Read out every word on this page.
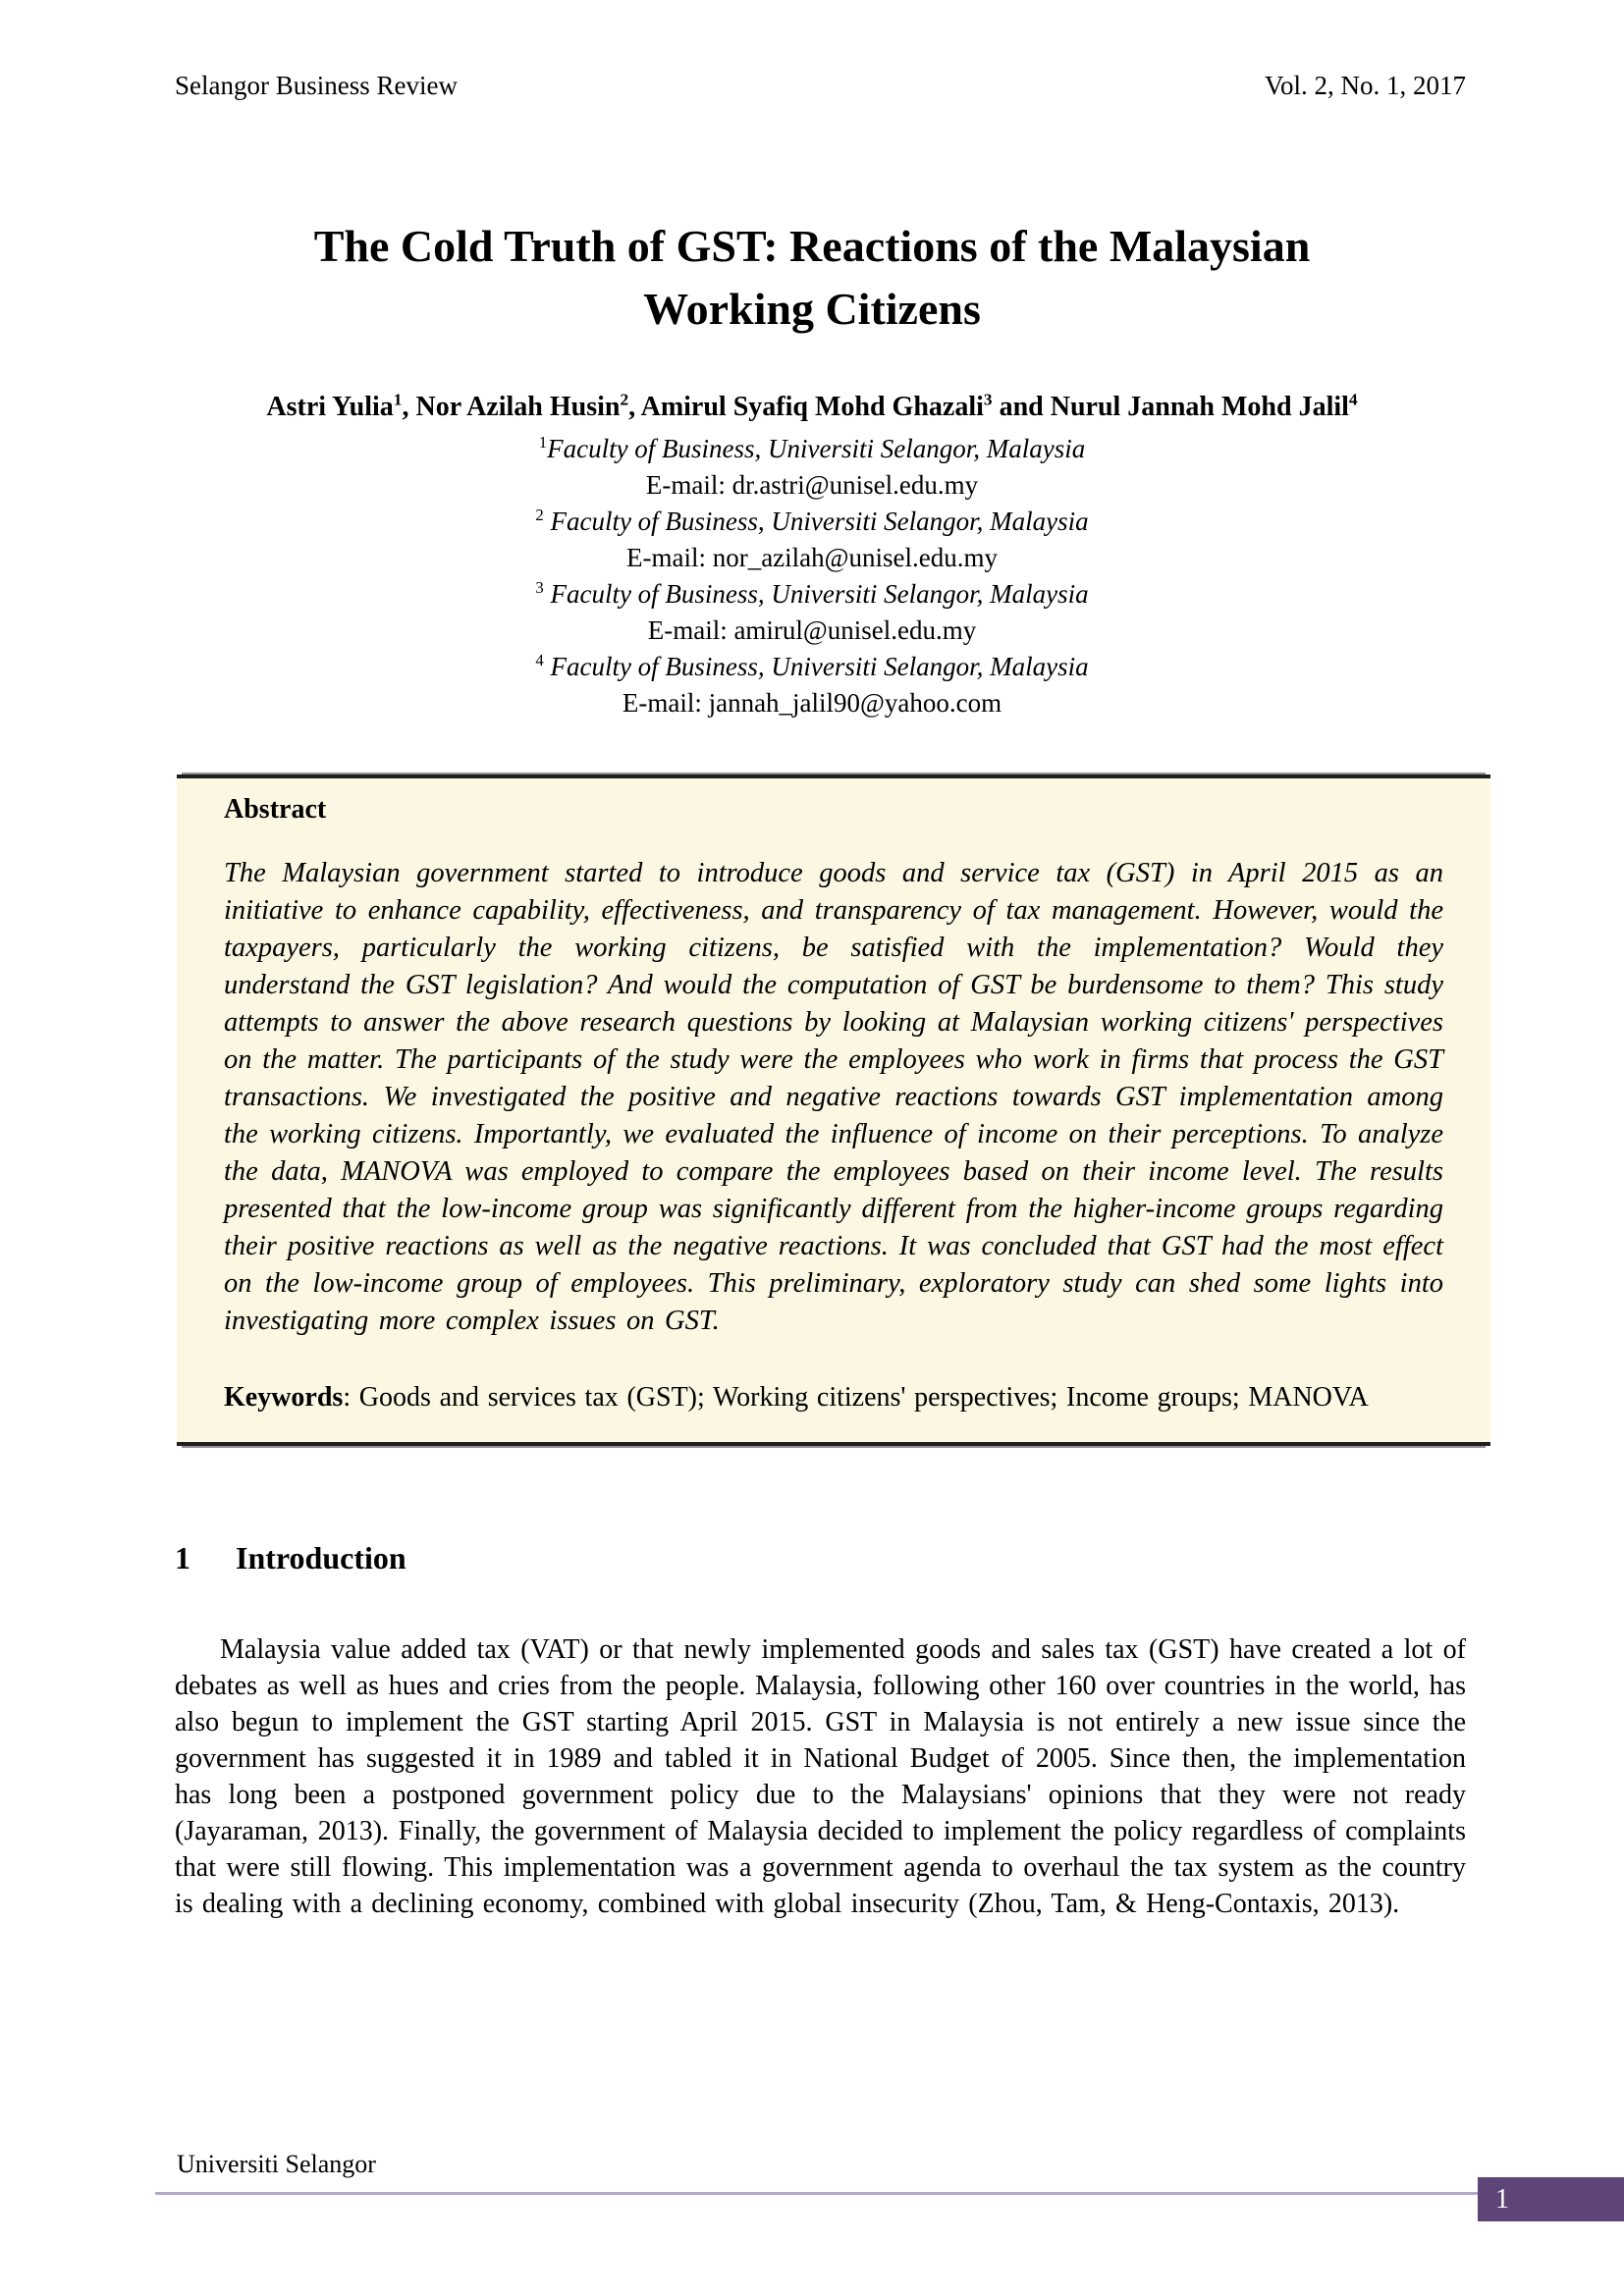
Selangor Business Review	Vol. 2, No. 1, 2017
The Cold Truth of GST: Reactions of the Malaysian Working Citizens
Astri Yulia$^1$, Nor Azilah Husin$^2$, Amirul Syafiq Mohd Ghazali$^3$ and Nurul Jannah Mohd Jalil$^4$
$^1$Faculty of Business, Universiti Selangor, Malaysia
E-mail: dr.astri@unisel.edu.my
$^2$ Faculty of Business, Universiti Selangor, Malaysia
E-mail: nor_azilah@unisel.edu.my
$^3$ Faculty of Business, Universiti Selangor, Malaysia
E-mail: amirul@unisel.edu.my
$^4$ Faculty of Business, Universiti Selangor, Malaysia
E-mail: jannah_jalil90@yahoo.com
Abstract

The Malaysian government started to introduce goods and service tax (GST) in April 2015 as an initiative to enhance capability, effectiveness, and transparency of tax management. However, would the taxpayers, particularly the working citizens, be satisfied with the implementation? Would they understand the GST legislation? And would the computation of GST be burdensome to them? This study attempts to answer the above research questions by looking at Malaysian working citizens' perspectives on the matter. The participants of the study were the employees who work in firms that process the GST transactions. We investigated the positive and negative reactions towards GST implementation among the working citizens. Importantly, we evaluated the influence of income on their perceptions. To analyze the data, MANOVA was employed to compare the employees based on their income level. The results presented that the low-income group was significantly different from the higher-income groups regarding their positive reactions as well as the negative reactions. It was concluded that GST had the most effect on the low-income group of employees. This preliminary, exploratory study can shed some lights into investigating more complex issues on GST.

Keywords: Goods and services tax (GST); Working citizens' perspectives; Income groups; MANOVA

1 Introduction

Malaysia value added tax (VAT) or that newly implemented goods and sales tax (GST) have created a lot of debates as well as hues and cries from the people. Malaysia, following other 160 over countries in the world, has also begun to implement the GST starting April 2015. GST in Malaysia is not entirely a new issue since the government has suggested it in 1989 and tabled it in National Budget of 2005. Since then, the implementation has long been a postponed government policy due to the Malaysians' opinions that they were not ready (Jayaraman, 2013). Finally, the government of Malaysia decided to implement the policy regardless of complaints that were still flowing. This implementation was a government agenda to overhaul the tax system as the country is dealing with a declining economy, combined with global insecurity (Zhou, Tam, & Heng-Contaxis, 2013).

Universiti Selangor
1
